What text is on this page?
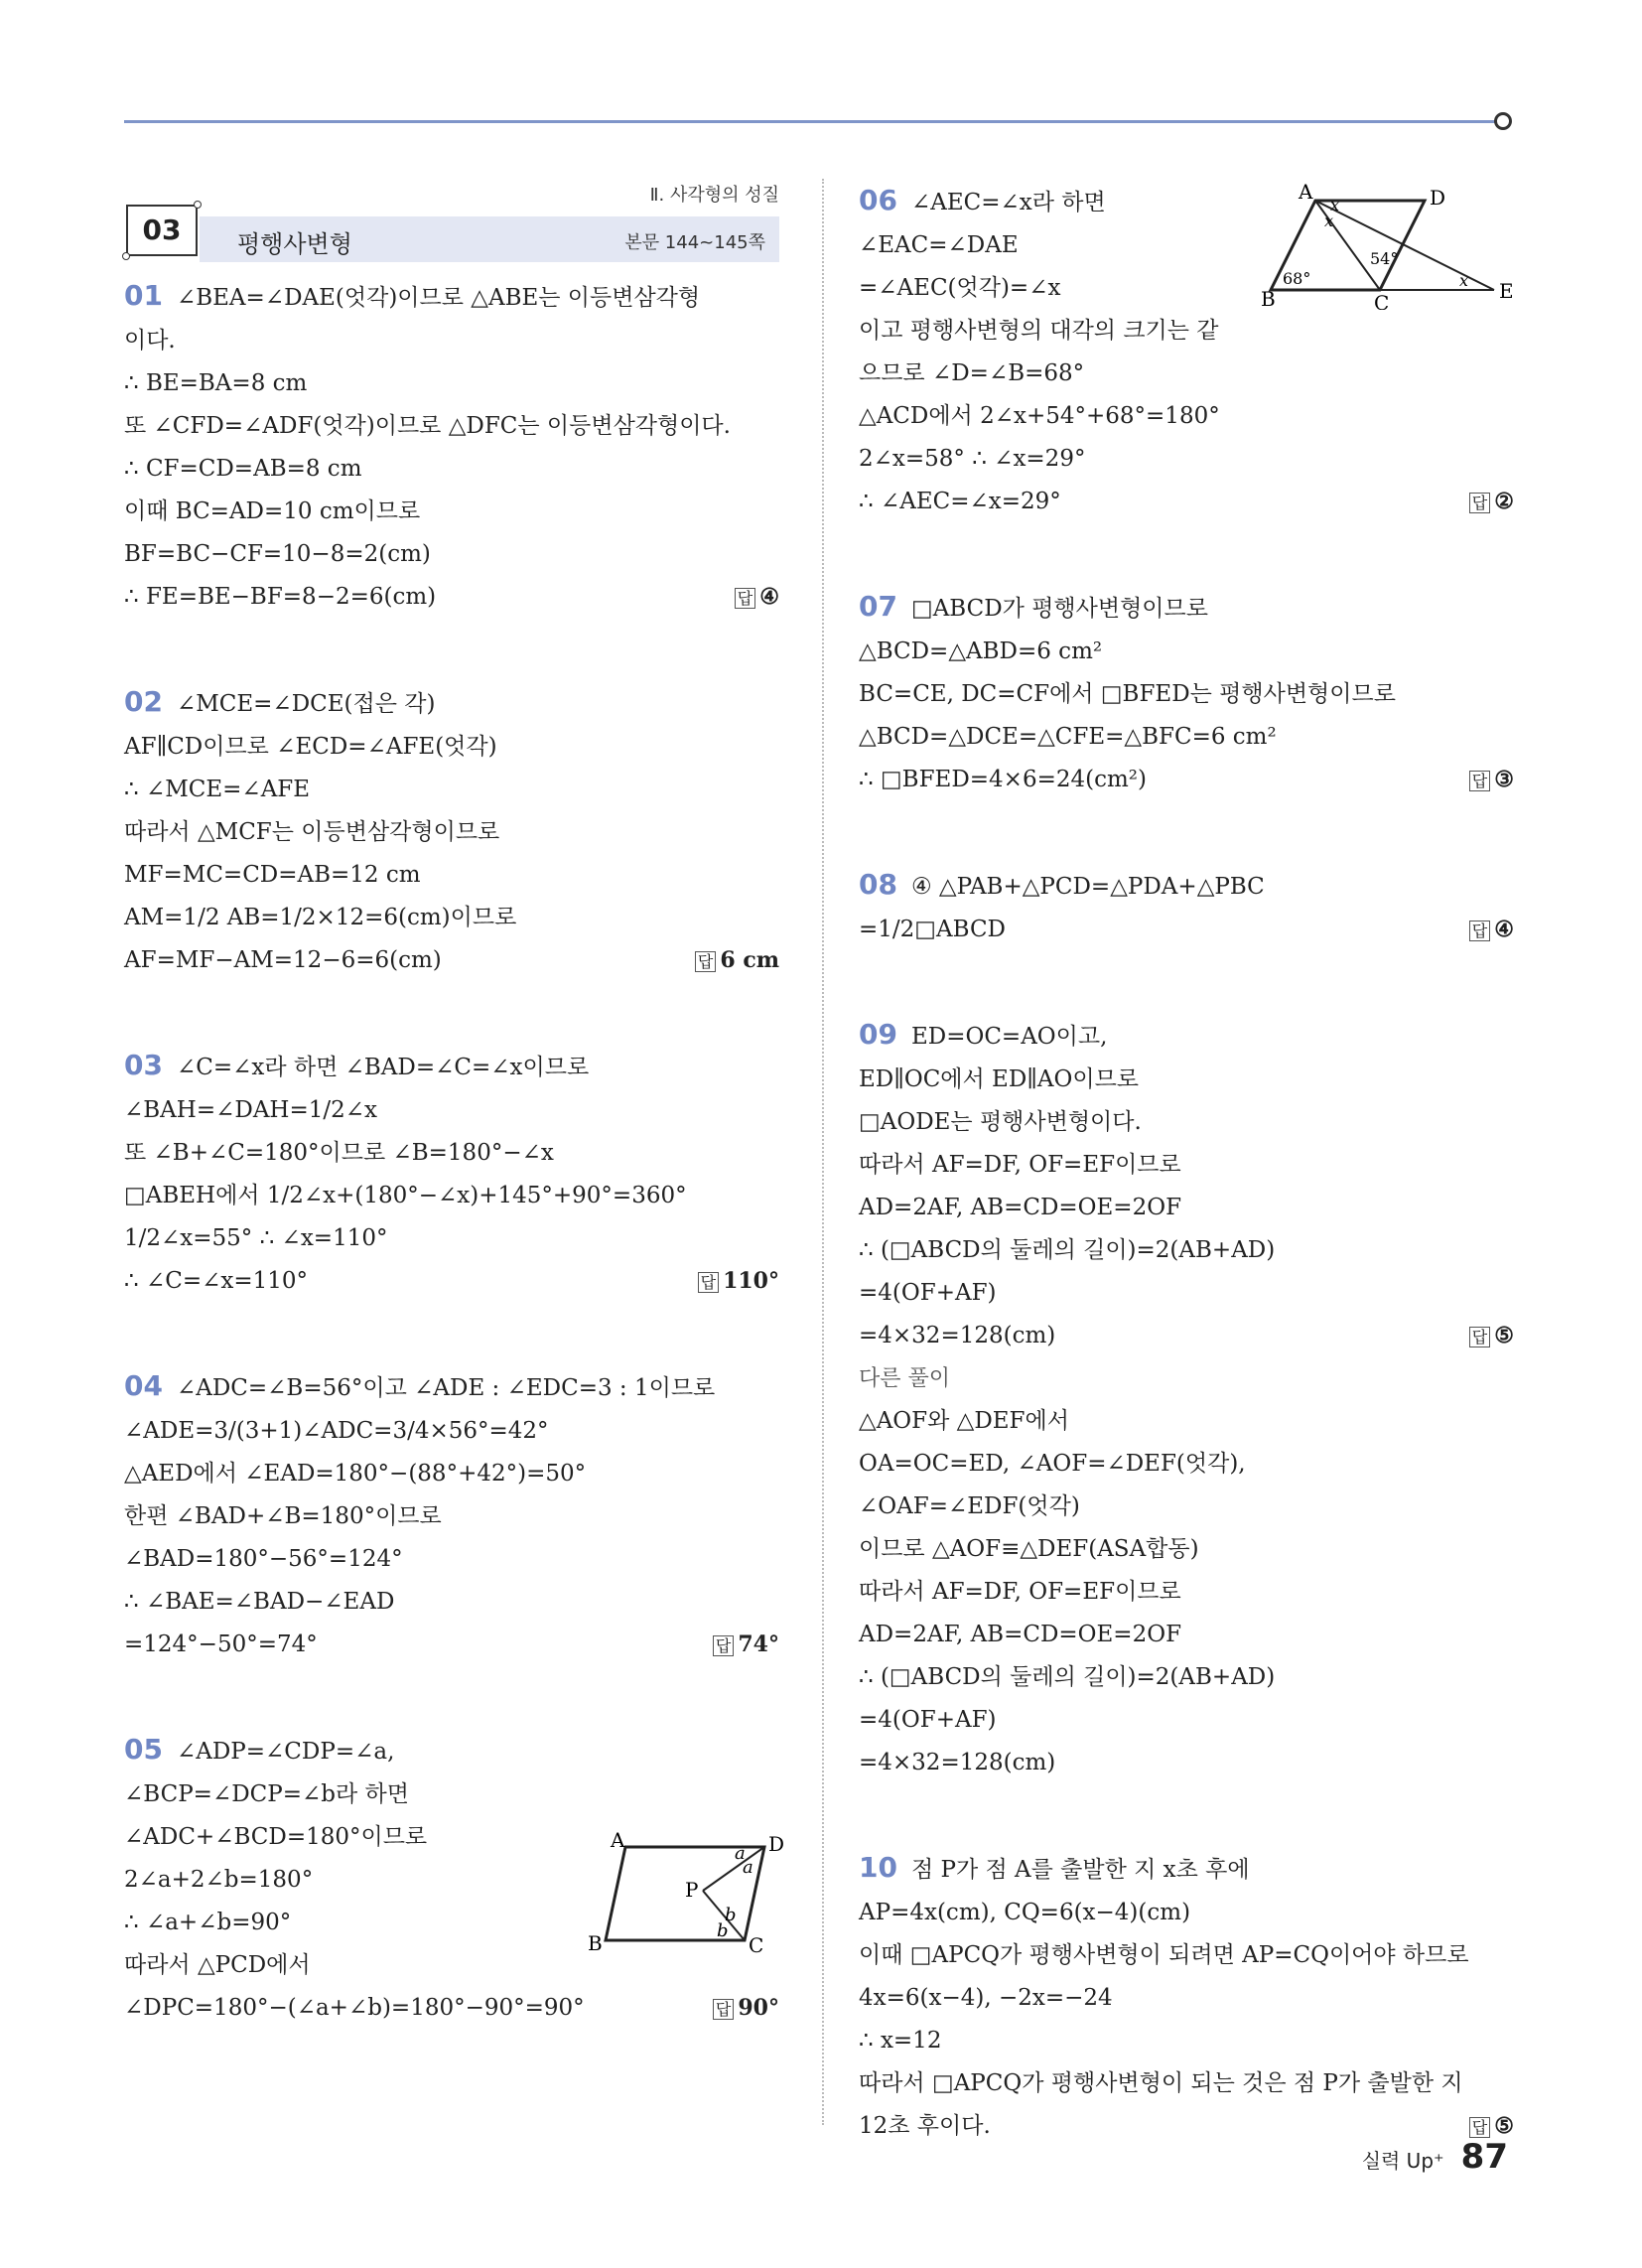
Ⅱ. 사각형의 성질
03	평행사변형	본문 144~145쪽
01 ∠BEA=∠DAE(엇각)이므로 △ABE는 이등변삼각형
이다.
∴ BE=BA=8 cm
또 ∠CFD=∠ADF(엇각)이므로 △DFC는 이등변삼각형이다.
∴ CF=CD=AB=8 cm
이때 BC=AD=10 cm이므로
BF=BC−CF=10−8=2(cm)
∴ FE=BE−BF=8−2=6(cm)	답 ④
02 ∠MCE=∠DCE(접은 각)
AF∥CD이므로 ∠ECD=∠AFE(엇각)
∴ ∠MCE=∠AFE
따라서 △MCF는 이등변삼각형이므로
MF=MC=CD=AB=12 cm
AM=1/2 AB=1/2×12=6(cm)이므로
AF=MF−AM=12−6=6(cm)	답 6 cm
03 ∠C=∠x라 하면 ∠BAD=∠C=∠x이므로
∠BAH=∠DAH=1/2∠x
또 ∠B+∠C=180°이므로 ∠B=180°−∠x
□ABEH에서 1/2∠x+(180°−∠x)+145°+90°=360°
1/2∠x=55° ∴ ∠x=110°
∴ ∠C=∠x=110°	답 110°
04 ∠ADC=∠B=56°이고 ∠ADE : ∠EDC=3 : 1이므로
∠ADE=3/(3+1)∠ADC=3/4×56°=42°
△AED에서 ∠EAD=180°−(88°+42°)=50°
한편 ∠BAD+∠B=180°이므로
∠BAD=180°−56°=124°
∴ ∠BAE=∠BAD−∠EAD
=124°−50°=74°	답 74°
05 ∠ADP=∠CDP=∠a,
∠BCP=∠DCP=∠b라 하면
∠ADC+∠BCD=180°이므로
2∠a+2∠b=180°
∴ ∠a+∠b=90°
따라서 △PCD에서
∠DPC=180°−(∠a+∠b)=180°−90°=90°	답 90°
06 ∠AEC=∠x라 하면
∠EAC=∠DAE
=∠AEC(엇각)=∠x
이고 평행사변형의 대각의 크기는 같
으므로 ∠D=∠B=68°
△ACD에서 2∠x+54°+68°=180°
2∠x=58° ∴ ∠x=29°
∴ ∠AEC=∠x=29°	답 ②
07 □ABCD가 평행사변형이므로
△BCD=△ABD=6 cm²
BC=CE, DC=CF에서 □BFED는 평행사변형이므로
△BCD=△DCE=△CFE=△BFC=6 cm²
∴ □BFED=4×6=24(cm²)	답 ③
08 ④ △PAB+△PCD=△PDA+△PBC
=1/2□ABCD	답 ④
09 ED=OC=AO이고,
ED∥OC에서 ED∥AO이므로
□AODE는 평행사변형이다.
따라서 AF=DF, OF=EF이므로
AD=2AF, AB=CD=OE=2OF
∴ (□ABCD의 둘레의 길이)=2(AB+AD)
=4(OF+AF)
=4×32=128(cm)	답 ⑤
다른 풀이
△AOF와 △DEF에서
OA=OC=ED, ∠AOF=∠DEF(엇각),
∠OAF=∠EDF(엇각)
이므로 △AOF≡△DEF(ASA합동)
따라서 AF=DF, OF=EF이므로
AD=2AF, AB=CD=OE=2OF
∴ (□ABCD의 둘레의 길이)=2(AB+AD)
=4(OF+AF)
=4×32=128(cm)
10 점 P가 점 A를 출발한 지 x초 후에
AP=4x(cm), CQ=6(x−4)(cm)
이때 □APCQ가 평행사변형이 되려면 AP=CQ이어야 하므로
4x=6(x−4), −2x=−24
∴ x=12
따라서 □APCQ가 평행사변형이 되는 것은 점 P가 출발한 지
12초 후이다.	답 ⑤
A	D
B	C
P
a
a
b
b
A	D
B	C	E
68°
54°
x
x
x
실력 Up⁺ 87
